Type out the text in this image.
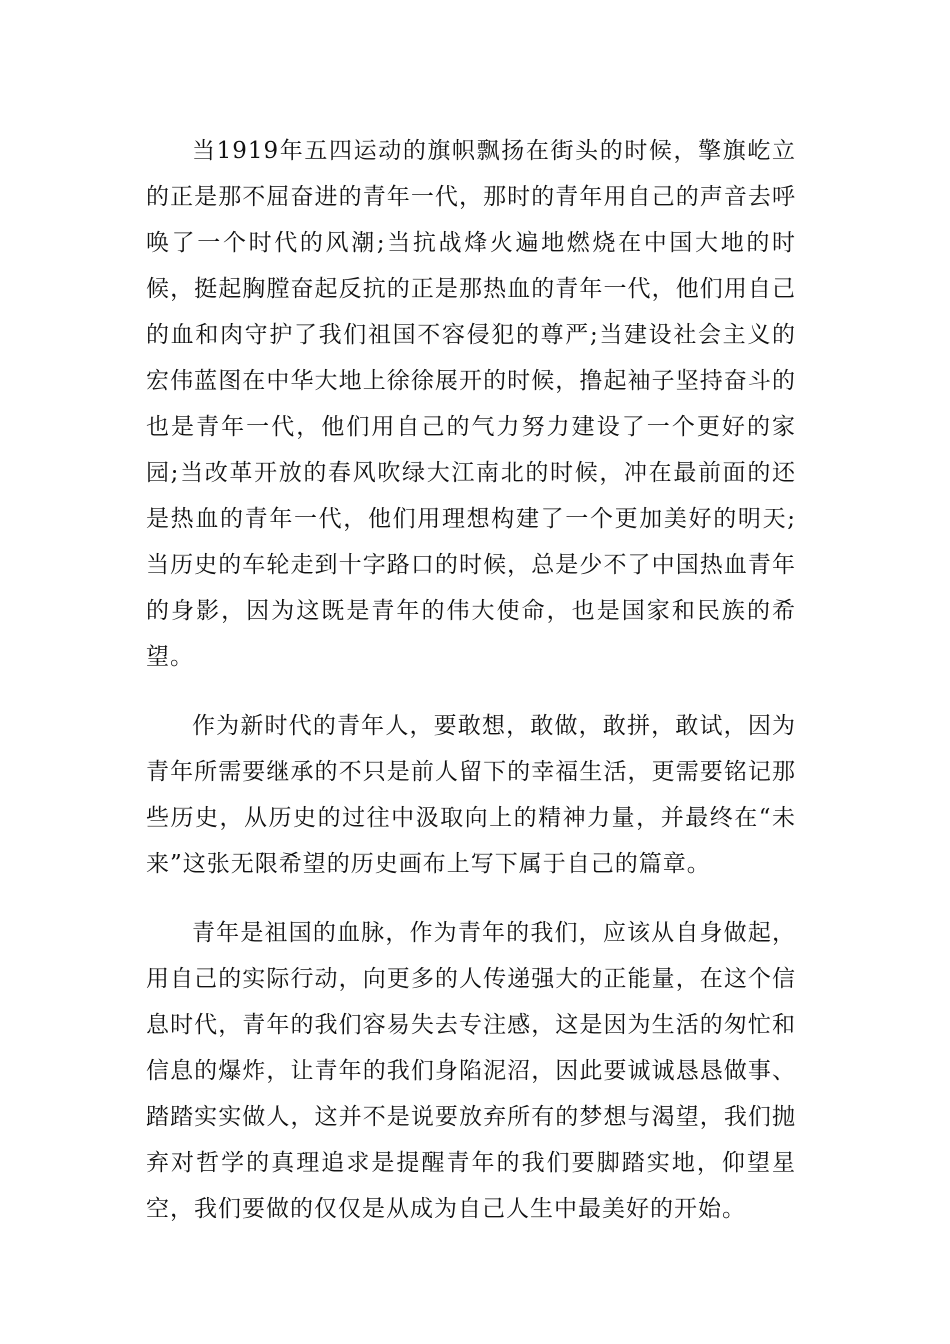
当1919年五四运动的旗帜飘扬在街头的时候，擎旗屹立的正是那不屈奋进的青年一代，那时的青年用自己的声音去呼唤了一个时代的风潮;当抗战烽火遍地燃烧在中国大地的时候，挺起胸膛奋起反抗的正是那热血的青年一代，他们用自己的血和肉守护了我们祖国不容侵犯的尊严;当建设社会主义的宏伟蓝图在中华大地上徐徐展开的时候，撸起袖子坚持奋斗的也是青年一代，他们用自己的气力努力建设了一个更好的家园;当改革开放的春风吹绿大江南北的时候，冲在最前面的还是热血的青年一代，他们用理想构建了一个更加美好的明天;当历史的车轮走到十字路口的时候，总是少不了中国热血青年的身影，因为这既是青年的伟大使命，也是国家和民族的希望。

作为新时代的青年人，要敢想，敢做，敢拼，敢试，因为青年所需要继承的不只是前人留下的幸福生活，更需要铭记那些历史，从历史的过往中汲取向上的精神力量，并最终在“未来”这张无限希望的历史画布上写下属于自己的篇章。

青年是祖国的血脉，作为青年的我们，应该从自身做起，用自己的实际行动，向更多的人传递强大的正能量，在这个信息时代，青年的我们容易失去专注感，这是因为生活的匆忙和信息的爆炸，让青年的我们身陷泥沼，因此要诚诚恳恳做事、踏踏实实做人，这并不是说要放弃所有的梦想与渴望，我们抛弃对哲学的真理追求是提醒青年的我们要脚踏实地，仰望星空，我们要做的仅仅是从成为自己人生中最美好的开始。
